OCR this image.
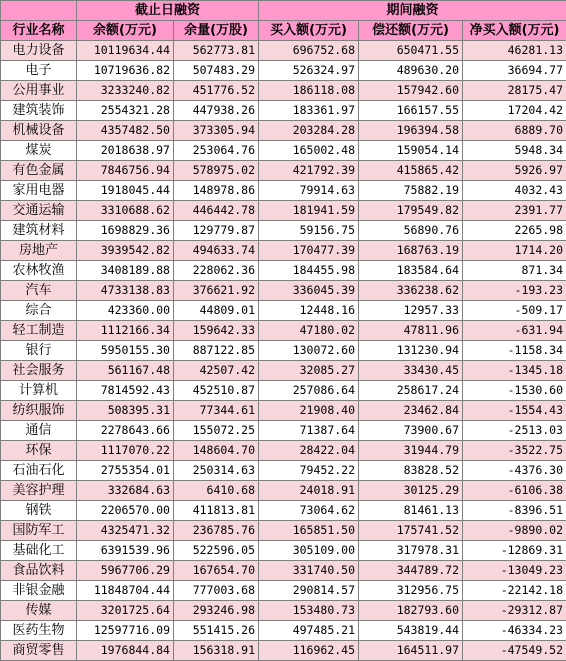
	截止日融资		期间融资		
行业名称	余额(万元)	余量(万股)	买入额(万元)	偿还额(万元)	净买入额(万元)
电力设备	10119634.44	562773.81	696752.68	650471.55	46281.13
电子	10719636.82	507483.29	526324.97	489630.20	36694.77
公用事业	3233240.82	451776.52	186118.08	157942.60	28175.47
建筑装饰	2554321.28	447938.26	183361.97	166157.55	17204.42
机械设备	4357482.50	373305.94	203284.28	196394.58	6889.70
煤炭	2018638.97	253064.76	165002.48	159054.14	5948.34
有色金属	7846756.94	578975.02	421792.39	415865.42	5926.97
家用电器	1918045.44	148978.86	79914.63	75882.19	4032.43
交通运输	3310688.62	446442.78	181941.59	179549.82	2391.77
建筑材料	1698829.36	129779.87	59156.75	56890.76	2265.98
房地产	3939542.82	494633.74	170477.39	168763.19	1714.20
农林牧渔	3408189.88	228062.36	184455.98	183584.64	871.34
汽车	4733138.83	376621.92	336045.39	336238.62	-193.23
综合	423360.00	44809.01	12448.16	12957.33	-509.17
轻工制造	1112166.34	159642.33	47180.02	47811.96	-631.94
银行	5950155.30	887122.85	130072.60	131230.94	-1158.34
社会服务	561167.48	42507.42	32085.27	33430.45	-1345.18
计算机	7814592.43	452510.87	257086.64	258617.24	-1530.60
纺织服饰	508395.31	77344.61	21908.40	23462.84	-1554.43
通信	2278643.66	155072.25	71387.64	73900.67	-2513.03
环保	1117070.22	148604.70	28422.04	31944.79	-3522.75
石油石化	2755354.01	250314.63	79452.22	83828.52	-4376.30
美容护理	332684.63	6410.68	24018.91	30125.29	-6106.38
钢铁	2206570.00	411813.81	73064.62	81461.13	-8396.51
国防军工	4325471.32	236785.76	165851.50	175741.52	-9890.02
基础化工	6391539.96	522596.05	305109.00	317978.31	-12869.31
食品饮料	5967706.29	167654.70	331740.50	344789.72	-13049.23
非银金融	11848704.44	777003.68	290814.57	312956.75	-22142.18
传媒	3201725.64	293246.98	153480.73	182793.60	-29312.87
医药生物	12597716.09	551415.26	497485.21	543819.44	-46334.23
商贸零售	1976844.84	156318.91	116962.45	164511.97	-47549.52
